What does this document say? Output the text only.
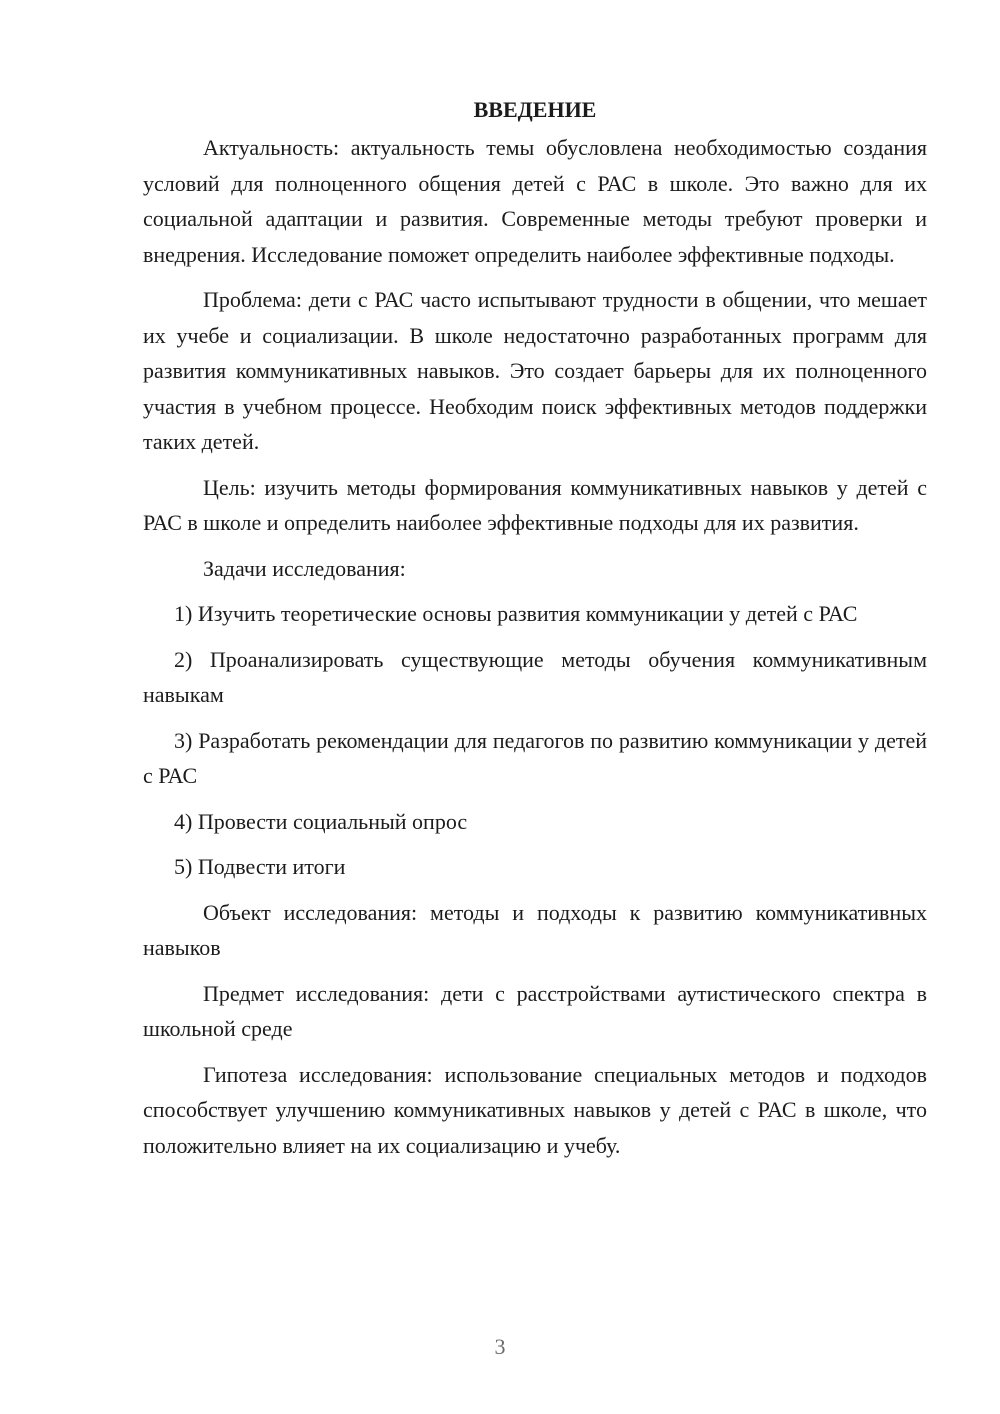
ВВЕДЕНИЕ

Актуальность: актуальность темы обусловлена необходимостью создания условий для полноценного общения детей с РАС в школе. Это важно для их социальной адаптации и развития. Современные методы требуют проверки и внедрения. Исследование поможет определить наиболее эффективные подходы.

Проблема: дети с РАС часто испытывают трудности в общении, что мешает их учебе и социализации. В школе недостаточно разработанных программ для развития коммуникативных навыков. Это создает барьеры для их полноценного участия в учебном процессе. Необходим поиск эффективных методов поддержки таких детей.

Цель: изучить методы формирования коммуникативных навыков у детей с РАС в школе и определить наиболее эффективные подходы для их развития.

Задачи исследования:

1) Изучить теоретические основы развития коммуникации у детей с РАС

2) Проанализировать существующие методы обучения коммуникативным навыкам

3) Разработать рекомендации для педагогов по развитию коммуникации у детей с РАС

4) Провести социальный опрос

5) Подвести итоги

Объект исследования: методы и подходы к развитию коммуникативных навыков

Предмет исследования: дети с расстройствами аутистического спектра в школьной среде

Гипотеза исследования: использование специальных методов и подходов способствует улучшению коммуникативных навыков у детей с РАС в школе, что положительно влияет на их социализацию и учебу.

3
